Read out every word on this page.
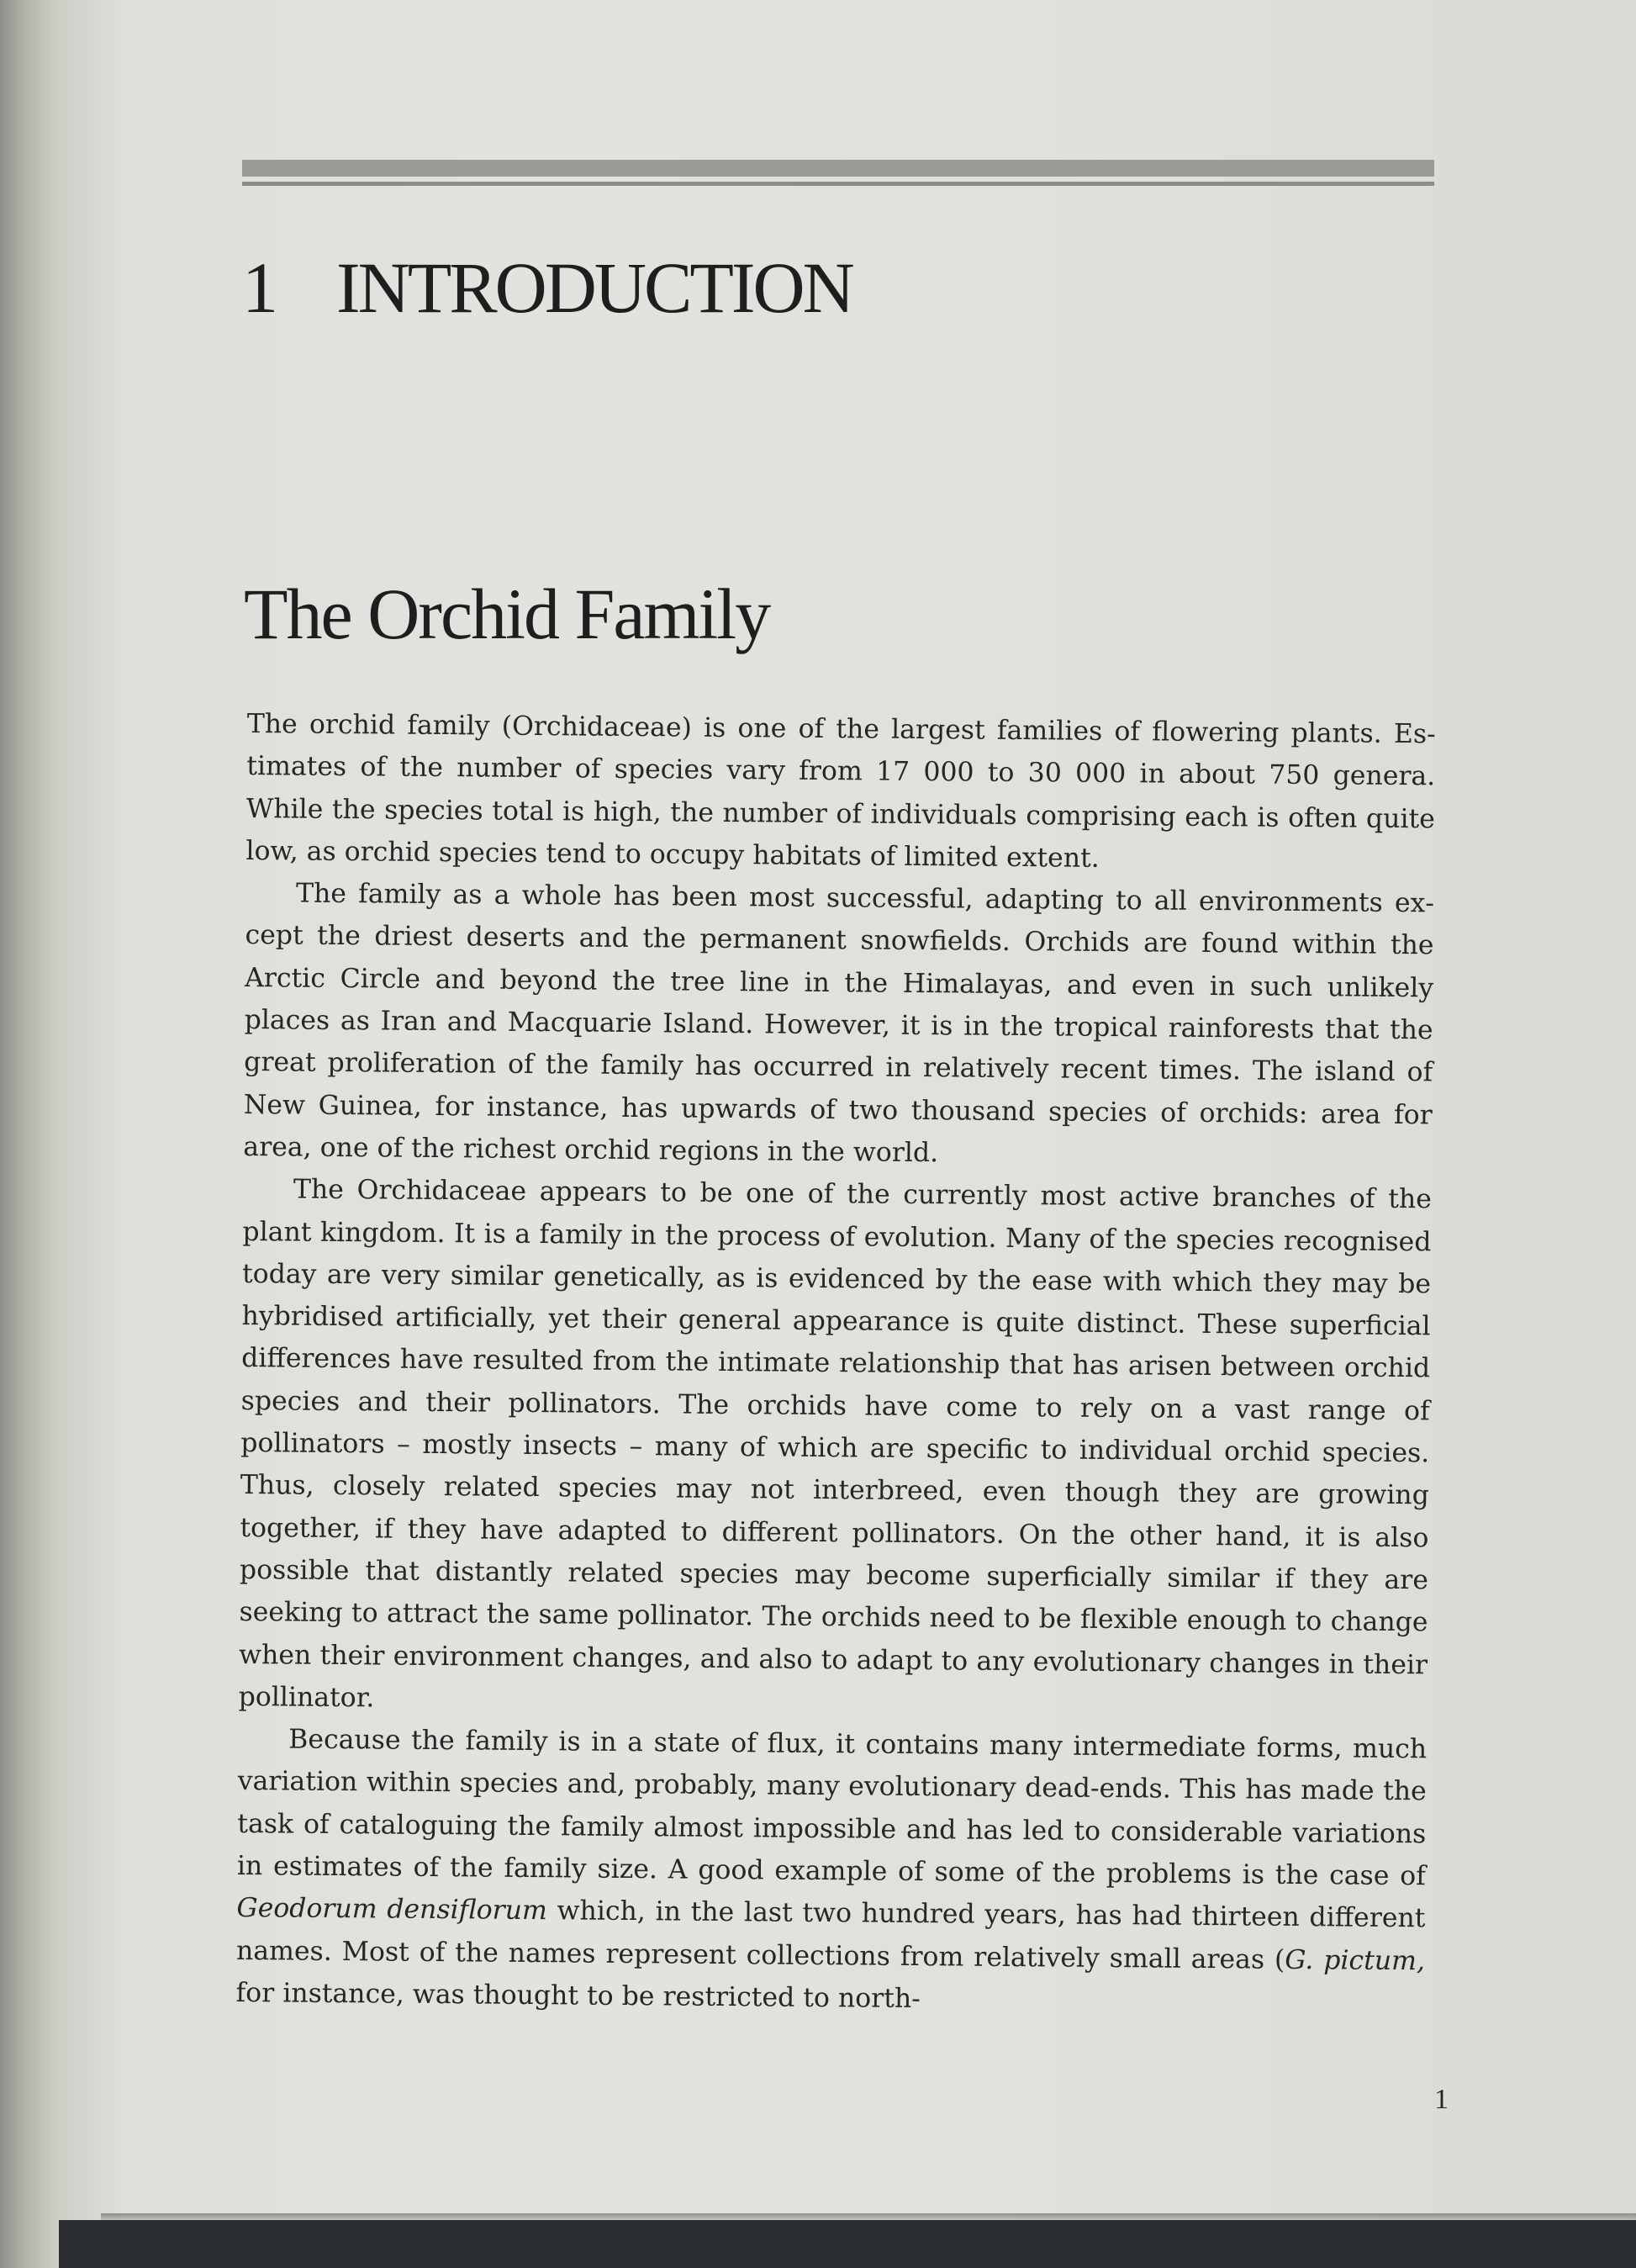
1 INTRODUCTION
The Orchid Family

The orchid family (Orchidaceae) is one of the largest families of flowering plants. Estimates of the number of species vary from 17 000 to 30 000 in about 750 genera. While the species total is high, the number of individuals comprising each is often quite low, as orchid species tend to occupy habitats of limited extent.

The family as a whole has been most successful, adapting to all environments except the driest deserts and the permanent snowfields. Orchids are found within the Arctic Circle and beyond the tree line in the Himalayas, and even in such unlikely places as Iran and Macquarie Island. However, it is in the tropical rainforests that the great proliferation of the family has occurred in relatively recent times. The island of New Guinea, for instance, has upwards of two thousand species of orchids: area for area, one of the richest orchid regions in the world.

The Orchidaceae appears to be one of the currently most active branches of the plant kingdom. It is a family in the process of evolution. Many of the species recognised today are very similar genetically, as is evidenced by the ease with which they may be hybridised artificially, yet their general appearance is quite distinct. These superficial differences have resulted from the intimate relationship that has arisen between orchid species and their pollinators. The orchids have come to rely on a vast range of pollinators – mostly insects – many of which are specific to individual orchid species. Thus, closely related species may not interbreed, even though they are growing together, if they have adapted to different pollinators. On the other hand, it is also possible that distantly related species may become superficially similar if they are seeking to attract the same pollinator. The orchids need to be flexible enough to change when their environment changes, and also to adapt to any evolutionary changes in their pollinator.

Because the family is in a state of flux, it contains many intermediate forms, much variation within species and, probably, many evolutionary dead-ends. This has made the task of cataloguing the family almost impossible and has led to considerable variations in estimates of the family size. A good example of some of the problems is the case of Geodorum densiflorum which, in the last two hundred years, has had thirteen different names. Most of the names represent collections from relatively small areas (G. pictum, for instance, was thought to be restricted to north-

1
